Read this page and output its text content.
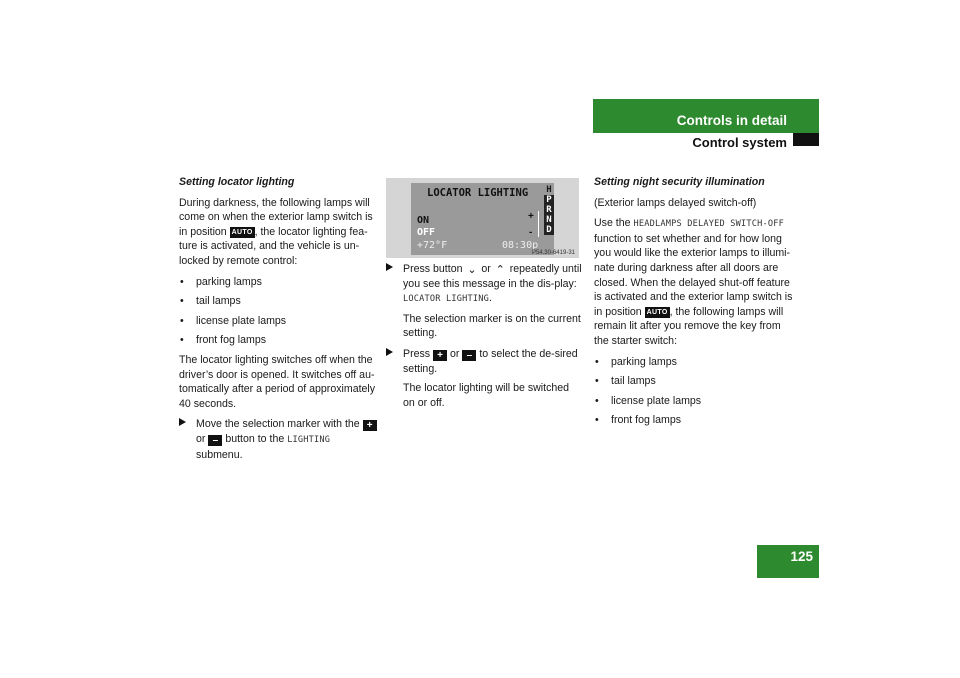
Controls in detail
Control system
Setting locator lighting

During darkness, the following lamps will come on when the exterior lamp switch is in position AUTO , the locator lighting fea-ture is activated, and the vehicle is un-locked by remote control:

• parking lamps
• tail lamps
• license plate lamps
• front fog lamps

The locator lighting switches off when the driver’s door is opened. It switches off au-tomatically after a period of approximately 40 seconds.

Move the selection marker with the + or – button to the LIGHTING submenu.
LOCATOR LIGHTING
ON
OFF
+
-
+72°F	08:30p
H
P
R
N
D
P54.30-6419-31
Press button ⌄ or ⌃ repeatedly until you see this message in the dis-play: LOCATOR LIGHTING.

The selection marker is on the current setting.

Press + or – to select the de-sired setting.

The locator lighting will be switched on or off.

Setting night security illumination

(Exterior lamps delayed switch-off)

Use the HEADLAMPS DELAYED SWITCH-OFF function to set whether and for how long you would like the exterior lamps to illumi-nate during darkness after all doors are closed. When the delayed shut-off feature is activated and the exterior lamp switch is in position AUTO , the following lamps will remain lit after you remove the key from the starter switch:

• parking lamps
• tail lamps
• license plate lamps
• front fog lamps
125
